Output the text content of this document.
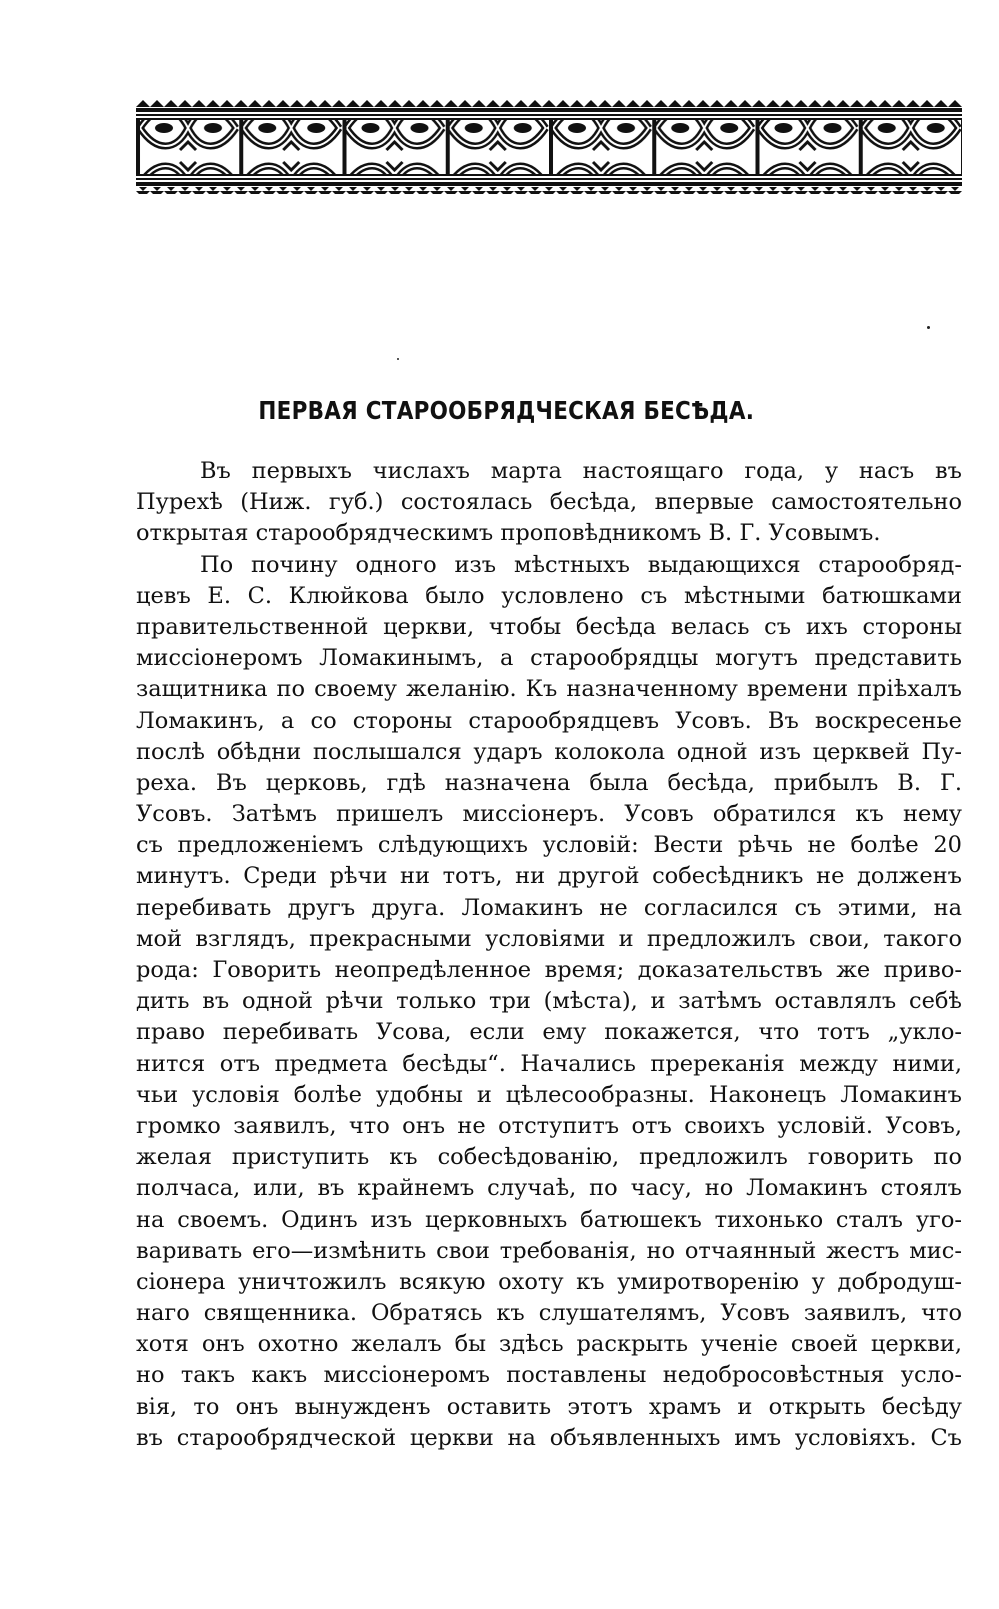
ПЕРВАЯ СТАРООБРЯДЧЕСКАЯ БЕСѢДА.
Въ первыхъ числахъ марта настоящаго года, у насъ въ
Пурехѣ (Ниж. губ.) состоялась бесѣда, впервые самостоятельно
открытая старообрядческимъ проповѣдникомъ В. Г. Усовымъ.
По почину одного изъ мѣстныхъ выдающихся старообряд-
цевъ Е. С. Клюйкова было условлено съ мѣстными батюшками
правительственной церкви, чтобы бесѣда велась съ ихъ стороны
миссіонеромъ Ломакинымъ, а старообрядцы могутъ представить
защитника по своему желанію. Къ назначенному времени пріѣхалъ
Ломакинъ, а со стороны старообрядцевъ Усовъ. Въ воскресенье
послѣ обѣдни послышался ударъ колокола одной изъ церквей Пу-
реха. Въ церковь, гдѣ назначена была бесѣда, прибылъ В. Г.
Усовъ. Затѣмъ пришелъ миссіонеръ. Усовъ обратился къ нему
съ предложеніемъ слѣдующихъ условій: Вести рѣчь не болѣе 20
минутъ. Среди рѣчи ни тотъ, ни другой собесѣдникъ не долженъ
перебивать другъ друга. Ломакинъ не согласился съ этими, на
мой взглядъ, прекрасными условіями и предложилъ свои, такого
рода: Говорить неопредѣленное время; доказательствъ же приво-
дить въ одной рѣчи только три (мѣста), и затѣмъ оставлялъ себѣ
право перебивать Усова, если ему покажется, что тотъ „укло-
нится отъ предмета бесѣды“. Начались пререканія между ними,
чьи условія болѣе удобны и цѣлесообразны. Наконецъ Ломакинъ
громко заявилъ, что онъ не отступитъ отъ своихъ условій. Усовъ,
желая приступить къ собесѣдованію, предложилъ говорить по
полчаса, или, въ крайнемъ случаѣ, по часу, но Ломакинъ стоялъ
на своемъ. Одинъ изъ церковныхъ батюшекъ тихонько сталъ уго-
варивать его—измѣнить свои требованія, но отчаянный жестъ мис-
сіонера уничтожилъ всякую охоту къ умиротворенію у добродуш-
наго священника. Обратясь къ слушателямъ, Усовъ заявилъ, что
хотя онъ охотно желалъ бы здѣсь раскрыть ученіе своей церкви,
но такъ какъ миссіонеромъ поставлены недобросовѣстныя усло-
вія, то онъ вынужденъ оставить этотъ храмъ и открыть бесѣду
въ старообрядческой церкви на объявленныхъ имъ условіяхъ. Съ
